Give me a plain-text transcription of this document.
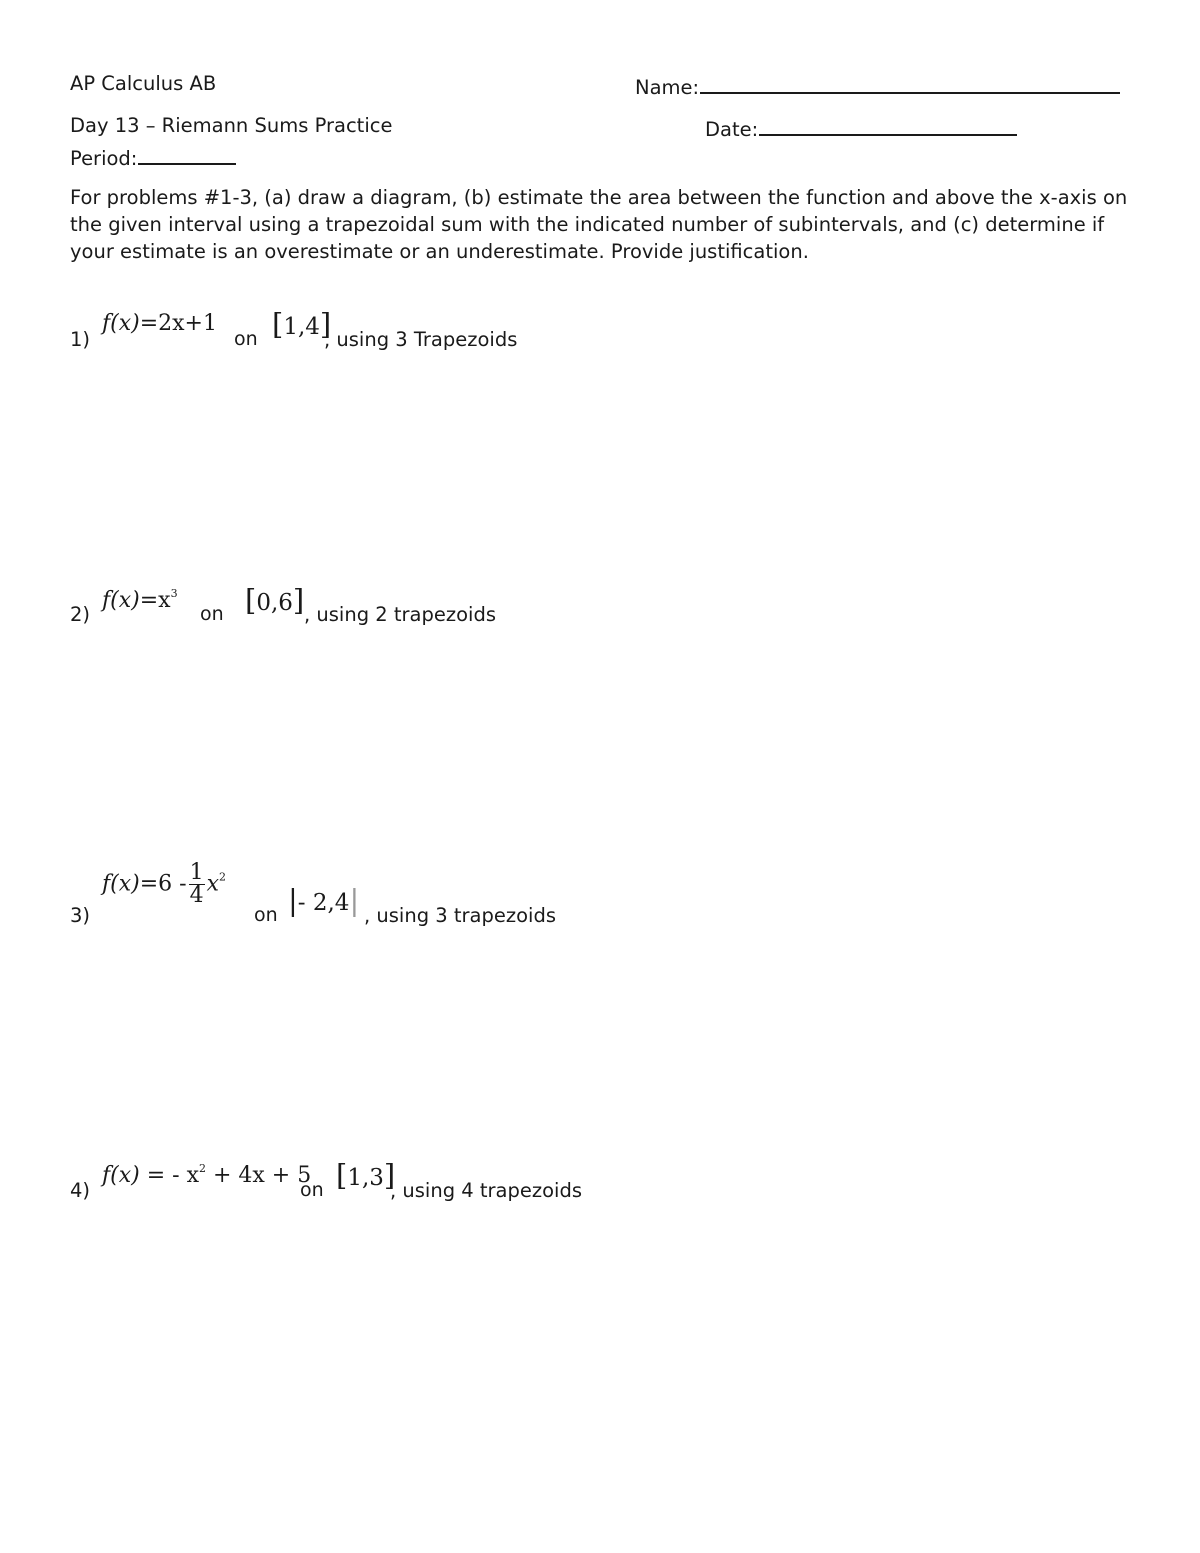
AP Calculus AB	Name:
Day 13 – Riemann Sums Practice	Date:
Period:

For problems #1-3, (a) draw a diagram, (b) estimate the area between the function and above the x-axis on the given interval using a trapezoidal sum with the indicated number of subintervals, and (c) determine if your estimate is an overestimate or an underestimate. Provide justification.

1)
f(x)=2x+1
on [1,4]
, using 3 Trapezoids
2)
$f(x)=x^3$
on [0,6] , using 2 trapezoids
3)
$f(x)=6 - \frac{1}{4} x^2$
on |- 2,4| , using 3 trapezoids
4)
f(x) = - $x^2 + 4x + 5$
on [1,3]
, using 4 trapezoids
